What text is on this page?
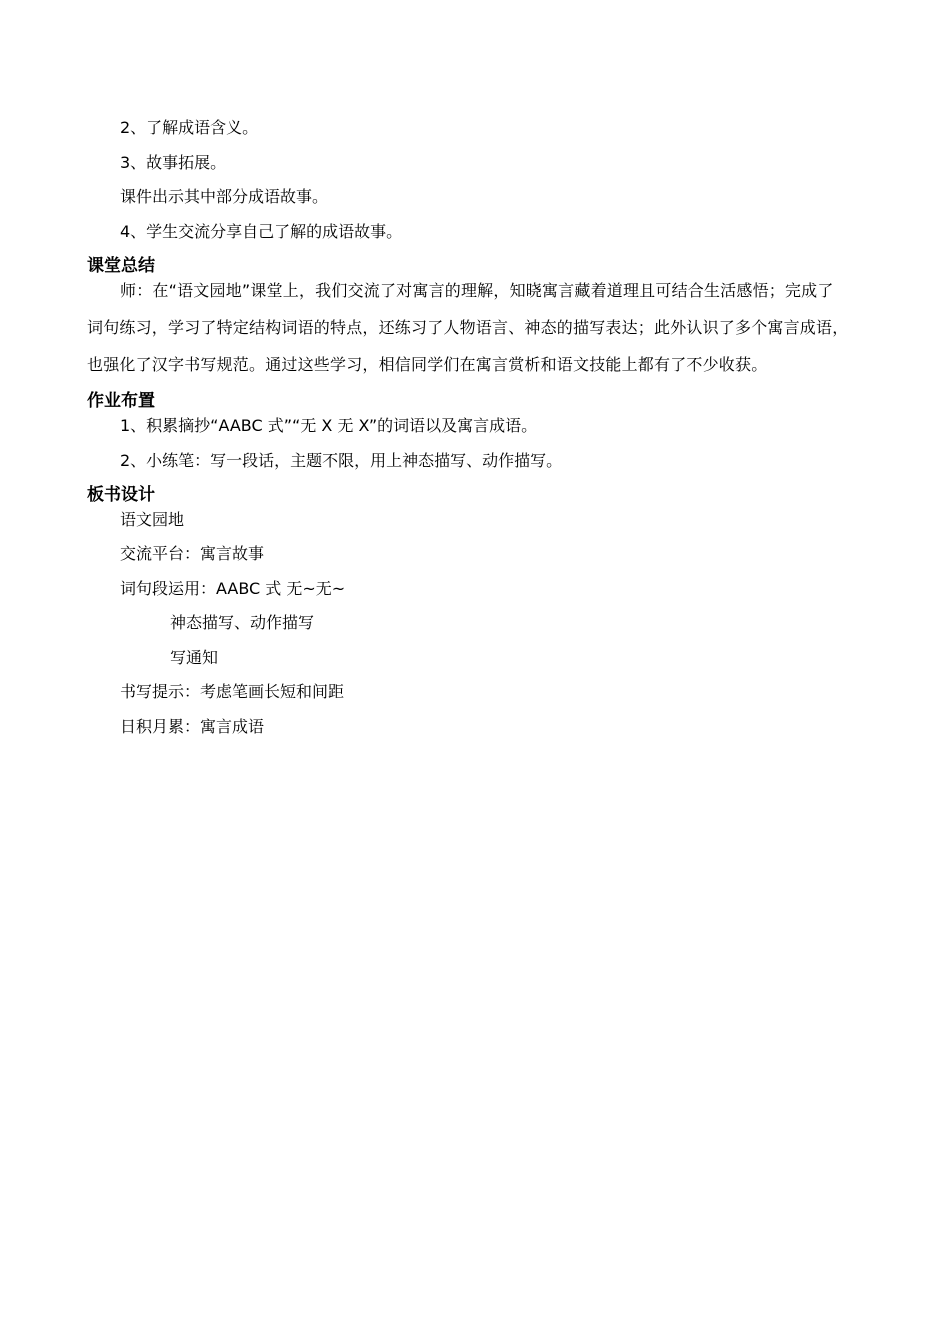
2、了解成语含义。
3、故事拓展。
课件出示其中部分成语故事。
4、学生交流分享自己了解的成语故事。
课堂总结
师：在“语文园地”课堂上，我们交流了对寓言的理解，知晓寓言藏着道理且可结合生活感悟；完成了
词句练习，学习了特定结构词语的特点，还练习了人物语言、神态的描写表达；此外认识了多个寓言成语，
也强化了汉字书写规范。通过这些学习，相信同学们在寓言赏析和语文技能上都有了不少收获。
作业布置
1、积累摘抄“AABC 式”“无 X 无 X”的词语以及寓言成语。
2、小练笔：写一段话，主题不限，用上神态描写、动作描写。
板书设计
语文园地
交流平台：寓言故事
词句段运用：AABC 式 无~无~
神态描写、动作描写
写通知
书写提示：考虑笔画长短和间距
日积月累：寓言成语
